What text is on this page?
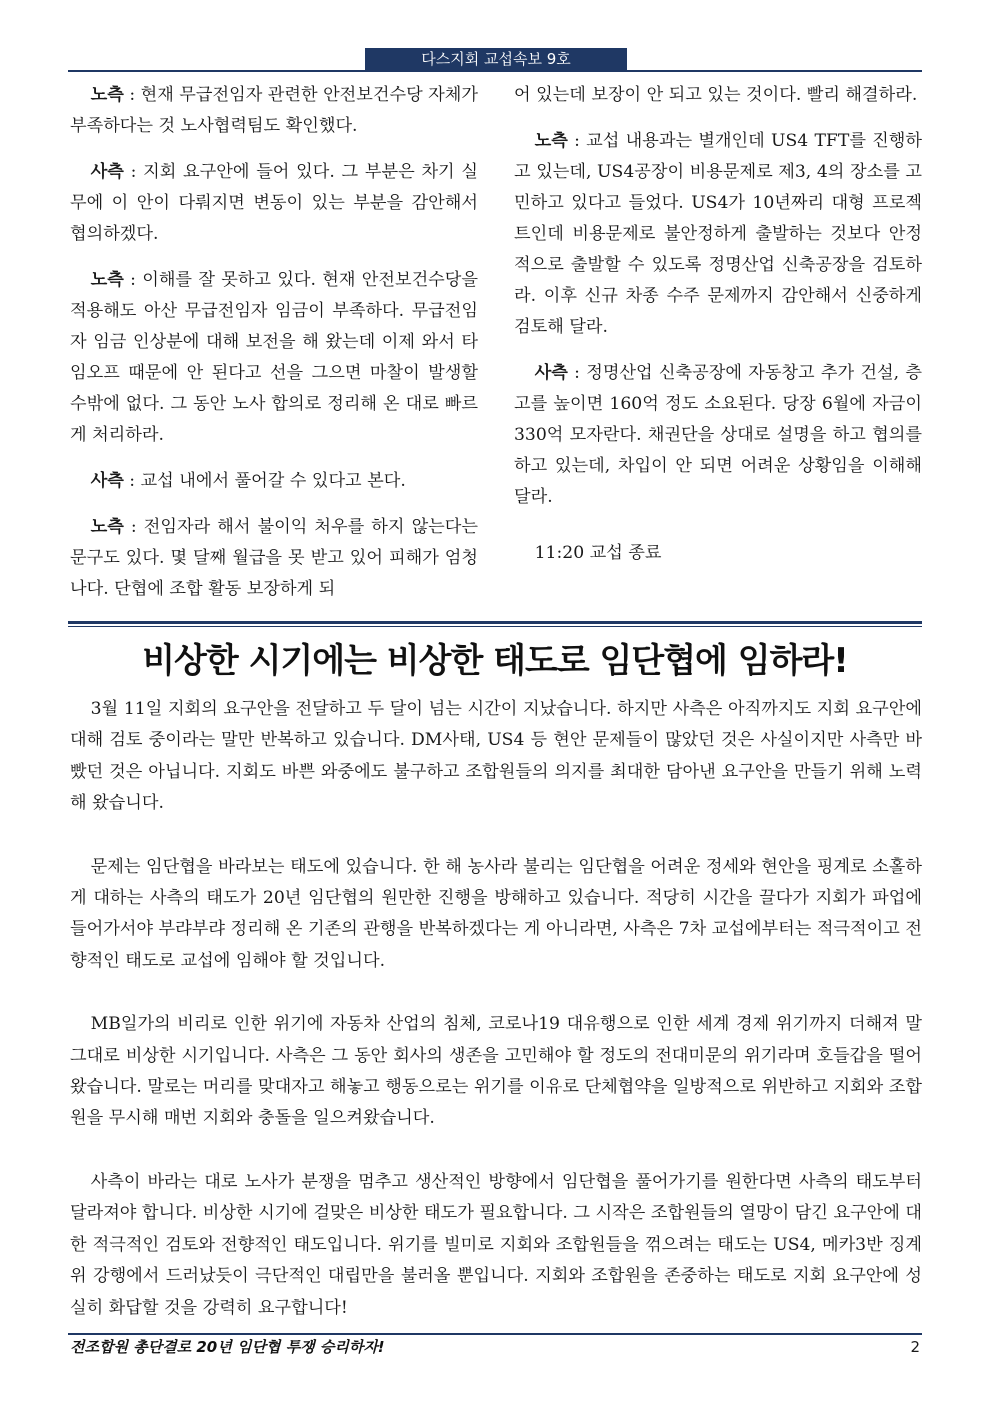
다스지회 교섭속보 9호

노측 : 현재 무급전임자 관련한 안전보건수당 자체가 부족하다는 것 노사협력팀도 확인했다.

사측 : 지회 요구안에 들어 있다. 그 부분은 차기 실무에 이 안이 다뤄지면 변동이 있는 부분을 감안해서 협의하겠다.

노측 : 이해를 잘 못하고 있다. 현재 안전보건수당을 적용해도 아산 무급전임자 임금이 부족하다. 무급전임자 임금 인상분에 대해 보전을 해 왔는데 이제 와서 타임오프 때문에 안 된다고 선을 그으면 마찰이 발생할 수밖에 없다. 그 동안 노사 합의로 정리해 온 대로 빠르게 처리하라.

사측 : 교섭 내에서 풀어갈 수 있다고 본다.

노측 : 전임자라 해서 불이익 처우를 하지 않는다는 문구도 있다. 몇 달째 월급을 못 받고 있어 피해가 엄청나다. 단협에 조합 활동 보장하게 되

어 있는데 보장이 안 되고 있는 것이다. 빨리 해결하라.

노측 : 교섭 내용과는 별개인데 US4 TFT를 진행하고 있는데, US4공장이 비용문제로 제3, 4의 장소를 고민하고 있다고 들었다. US4가 10년짜리 대형 프로젝트인데 비용문제로 불안정하게 출발하는 것보다 안정적으로 출발할 수 있도록 정명산업 신축공장을 검토하라. 이후 신규 차종 수주 문제까지 감안해서 신중하게 검토해 달라.

사측 : 정명산업 신축공장에 자동창고 추가 건설, 층고를 높이면 160억 정도 소요된다. 당장 6월에 자금이 330억 모자란다. 채권단을 상대로 설명을 하고 협의를 하고 있는데, 차입이 안 되면 어려운 상황임을 이해해 달라.

11:20 교섭 종료

비상한 시기에는 비상한 태도로 임단협에 임하라!

3월 11일 지회의 요구안을 전달하고 두 달이 넘는 시간이 지났습니다. 하지만 사측은 아직까지도 지회 요구안에 대해 검토 중이라는 말만 반복하고 있습니다. DM사태, US4 등 현안 문제들이 많았던 것은 사실이지만 사측만 바빴던 것은 아닙니다. 지회도 바쁜 와중에도 불구하고 조합원들의 의지를 최대한 담아낸 요구안을 만들기 위해 노력해 왔습니다.

문제는 임단협을 바라보는 태도에 있습니다. 한 해 농사라 불리는 임단협을 어려운 정세와 현안을 핑계로 소홀하게 대하는 사측의 태도가 20년 임단협의 원만한 진행을 방해하고 있습니다. 적당히 시간을 끌다가 지회가 파업에 들어가서야 부랴부랴 정리해 온 기존의 관행을 반복하겠다는 게 아니라면, 사측은 7차 교섭에부터는 적극적이고 전향적인 태도로 교섭에 임해야 할 것입니다.

MB일가의 비리로 인한 위기에 자동차 산업의 침체, 코로나19 대유행으로 인한 세계 경제 위기까지 더해져 말 그대로 비상한 시기입니다. 사측은 그 동안 회사의 생존을 고민해야 할 정도의 전대미문의 위기라며 호들갑을 떨어왔습니다. 말로는 머리를 맞대자고 해놓고 행동으로는 위기를 이유로 단체협약을 일방적으로 위반하고 지회와 조합원을 무시해 매번 지회와 충돌을 일으켜왔습니다.

사측이 바라는 대로 노사가 분쟁을 멈추고 생산적인 방향에서 임단협을 풀어가기를 원한다면 사측의 태도부터 달라져야 합니다. 비상한 시기에 걸맞은 비상한 태도가 필요합니다. 그 시작은 조합원들의 열망이 담긴 요구안에 대한 적극적인 검토와 전향적인 태도입니다. 위기를 빌미로 지회와 조합원들을 꺾으려는 태도는 US4, 메카3반 징계위 강행에서 드러났듯이 극단적인 대립만을 불러올 뿐입니다. 지회와 조합원을 존중하는 태도로 지회 요구안에 성실히 화답할 것을 강력히 요구합니다!

전조합원 총단결로 20년 임단협 투쟁 승리하자!	2
